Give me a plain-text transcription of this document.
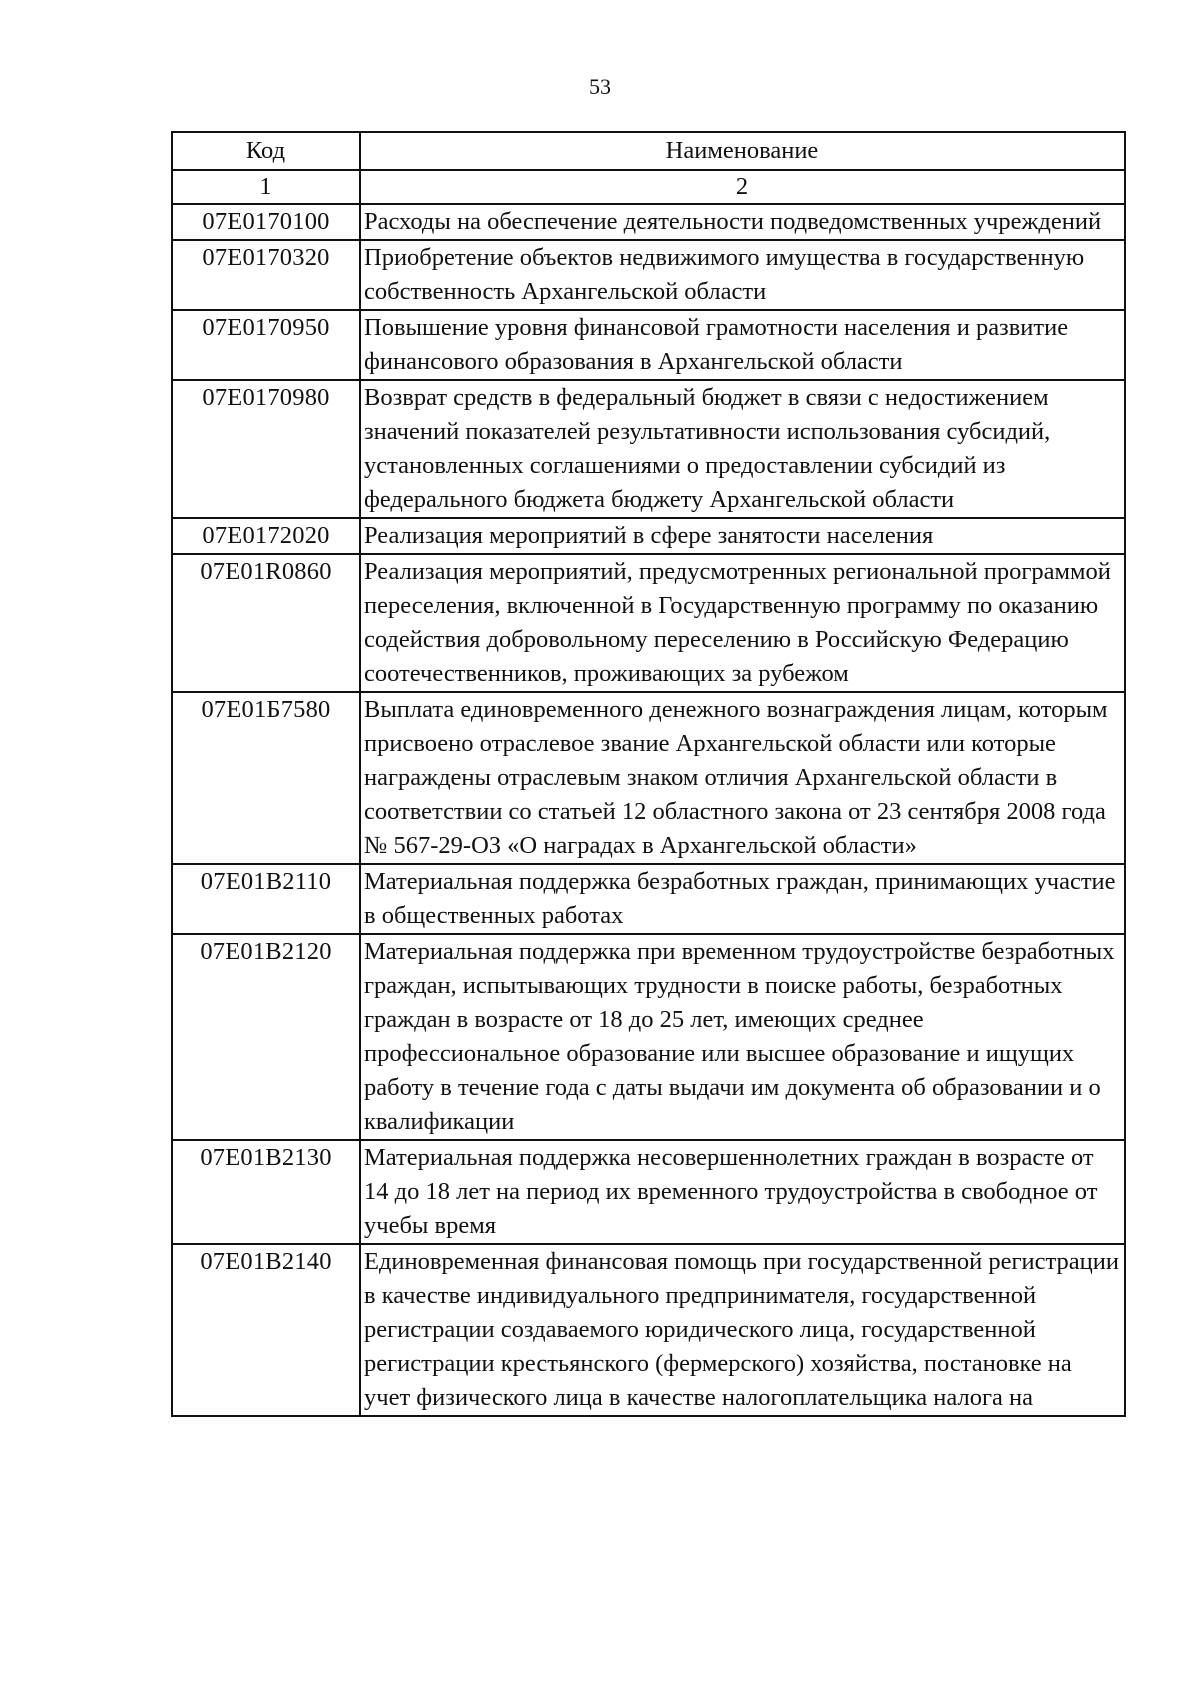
53
Код	Наименование
1	2
07Е0170100	Расходы на обеспечение деятельности подведомственных учреждений
07Е0170320	Приобретение объектов недвижимого имущества в государственную собственность Архангельской области
07Е0170950	Повышение уровня финансовой грамотности населения и развитие финансового образования в Архангельской области
07Е0170980	Возврат средств в федеральный бюджет в связи с недостижением значений показателей результативности использования субсидий, установленных соглашениями о предоставлении субсидий из федерального бюджета бюджету Архангельской области
07Е0172020	Реализация мероприятий в сфере занятости населения
07Е01R0860	Реализация мероприятий, предусмотренных региональной программой переселения, включенной в Государственную программу по оказанию содействия добровольному переселению в Российскую Федерацию соотечественников, проживающих за рубежом
07Е01Б7580	Выплата единовременного денежного вознаграждения лицам, которым присвоено отраслевое звание Архангельской области или которые награждены отраслевым знаком отличия Архангельской области в соответствии со статьей 12 областного закона от 23 сентября 2008 года № 567-29-ОЗ «О наградах в Архангельской области»
07Е01В2110	Материальная поддержка безработных граждан, принимающих участие в общественных работах
07Е01В2120	Материальная поддержка при временном трудоустройстве безработных граждан, испытывающих трудности в поиске работы, безработных граждан в возрасте от 18 до 25 лет, имеющих среднее профессиональное образование или высшее образование и ищущих работу в течение года с даты выдачи им документа об образовании и о квалификации
07Е01В2130	Материальная поддержка несовершеннолетних граждан в возрасте от 14 до 18 лет на период их временного трудоустройства в свободное от учебы время
07Е01В2140	Единовременная финансовая помощь при государственной регистрации в качестве индивидуального предпринимателя, государственной регистрации создаваемого юридического лица, государственной регистрации крестьянского (фермерского) хозяйства, постановке на учет физического лица в качестве налогоплательщика налога на
